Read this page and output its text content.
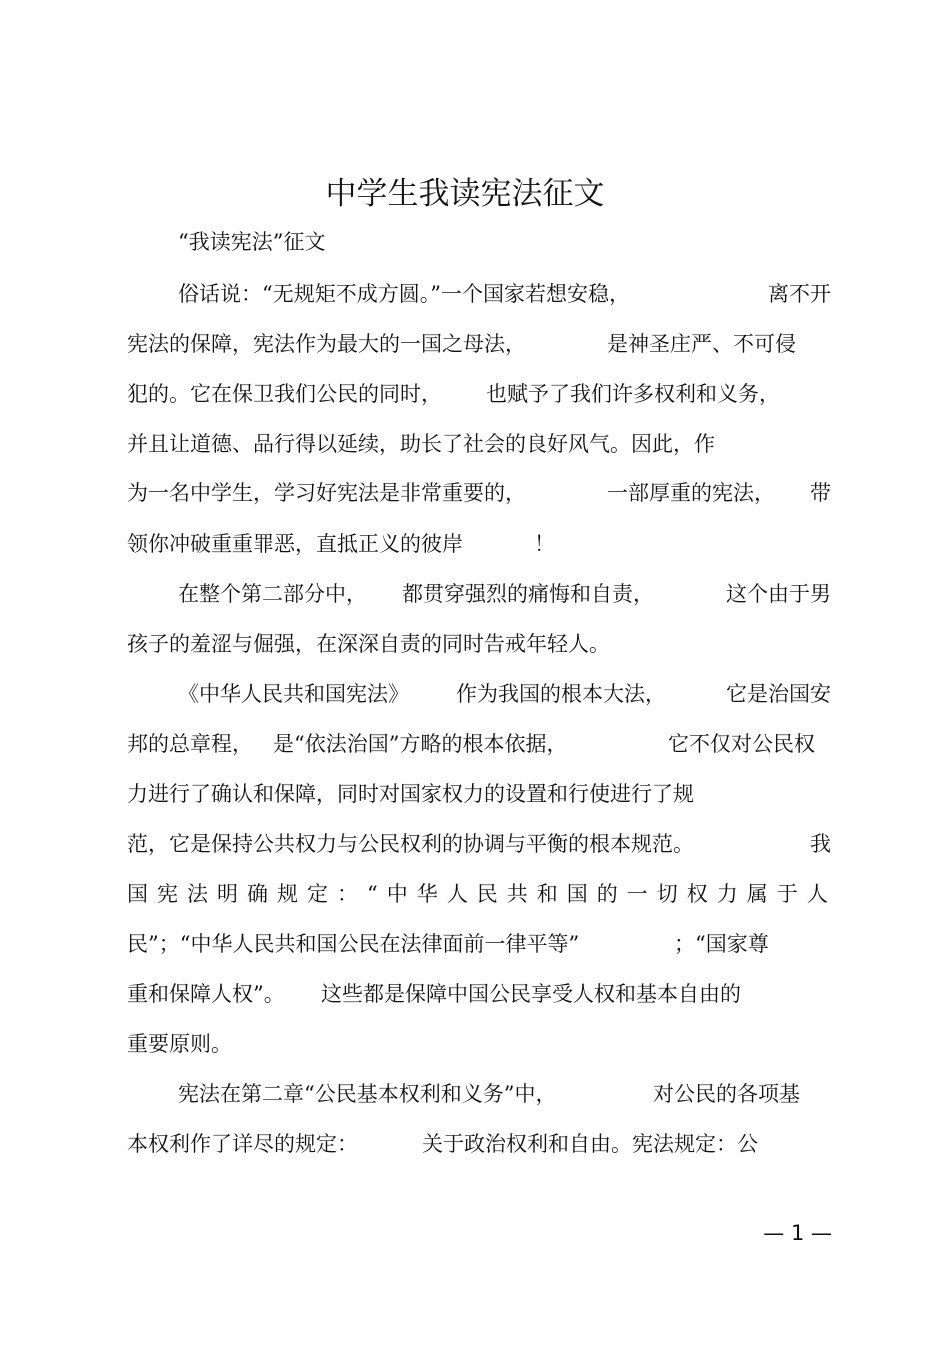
中学生我读宪法征文
“我读宪法”征文
俗话说：“无规矩不成方圆。”一个国家若想安稳，	离不开
宪法的保障，宪法作为最大的一国之母法，	是神圣庄严、不可侵
犯的。它在保卫我们公民的同时， 也赋予了我们许多权利和义务，
并且让道德、品行得以延续，助长了社会的良好风气。因此，作
为一名中学生，学习好宪法是非常重要的，	一部厚重的宪法， 带
领你冲破重重罪恶，直抵正义的彼岸	！
在整个第二部分中， 都贯穿强烈的痛悔和自责，	这个由于男
孩子的羞涩与倔强，在深深自责的同时告戒年轻人。
《中华人民共和国宪法》 作为我国的根本大法，	它是治国安
邦的总章程， 是“依法治国”方略的根本依据，	它不仅对公民权
力进行了确认和保障，同时对国家权力的设置和行使进行了规
范，它是保持公共权力与公民权利的协调与平衡的根本规范。	我
国宪法明确规定：“中华人民共和国的一切权力属于人
民”；“中华人民共和国公民在法律面前一律平等”	；“国家尊
重和保障人权”。 这些都是保障中国公民享受人权和基本自由的
重要原则。
宪法在第二章“公民基本权利和义务”中，	对公民的各项基
本权利作了详尽的规定：	关于政治权利和自由。宪法规定：公
— 1 —
